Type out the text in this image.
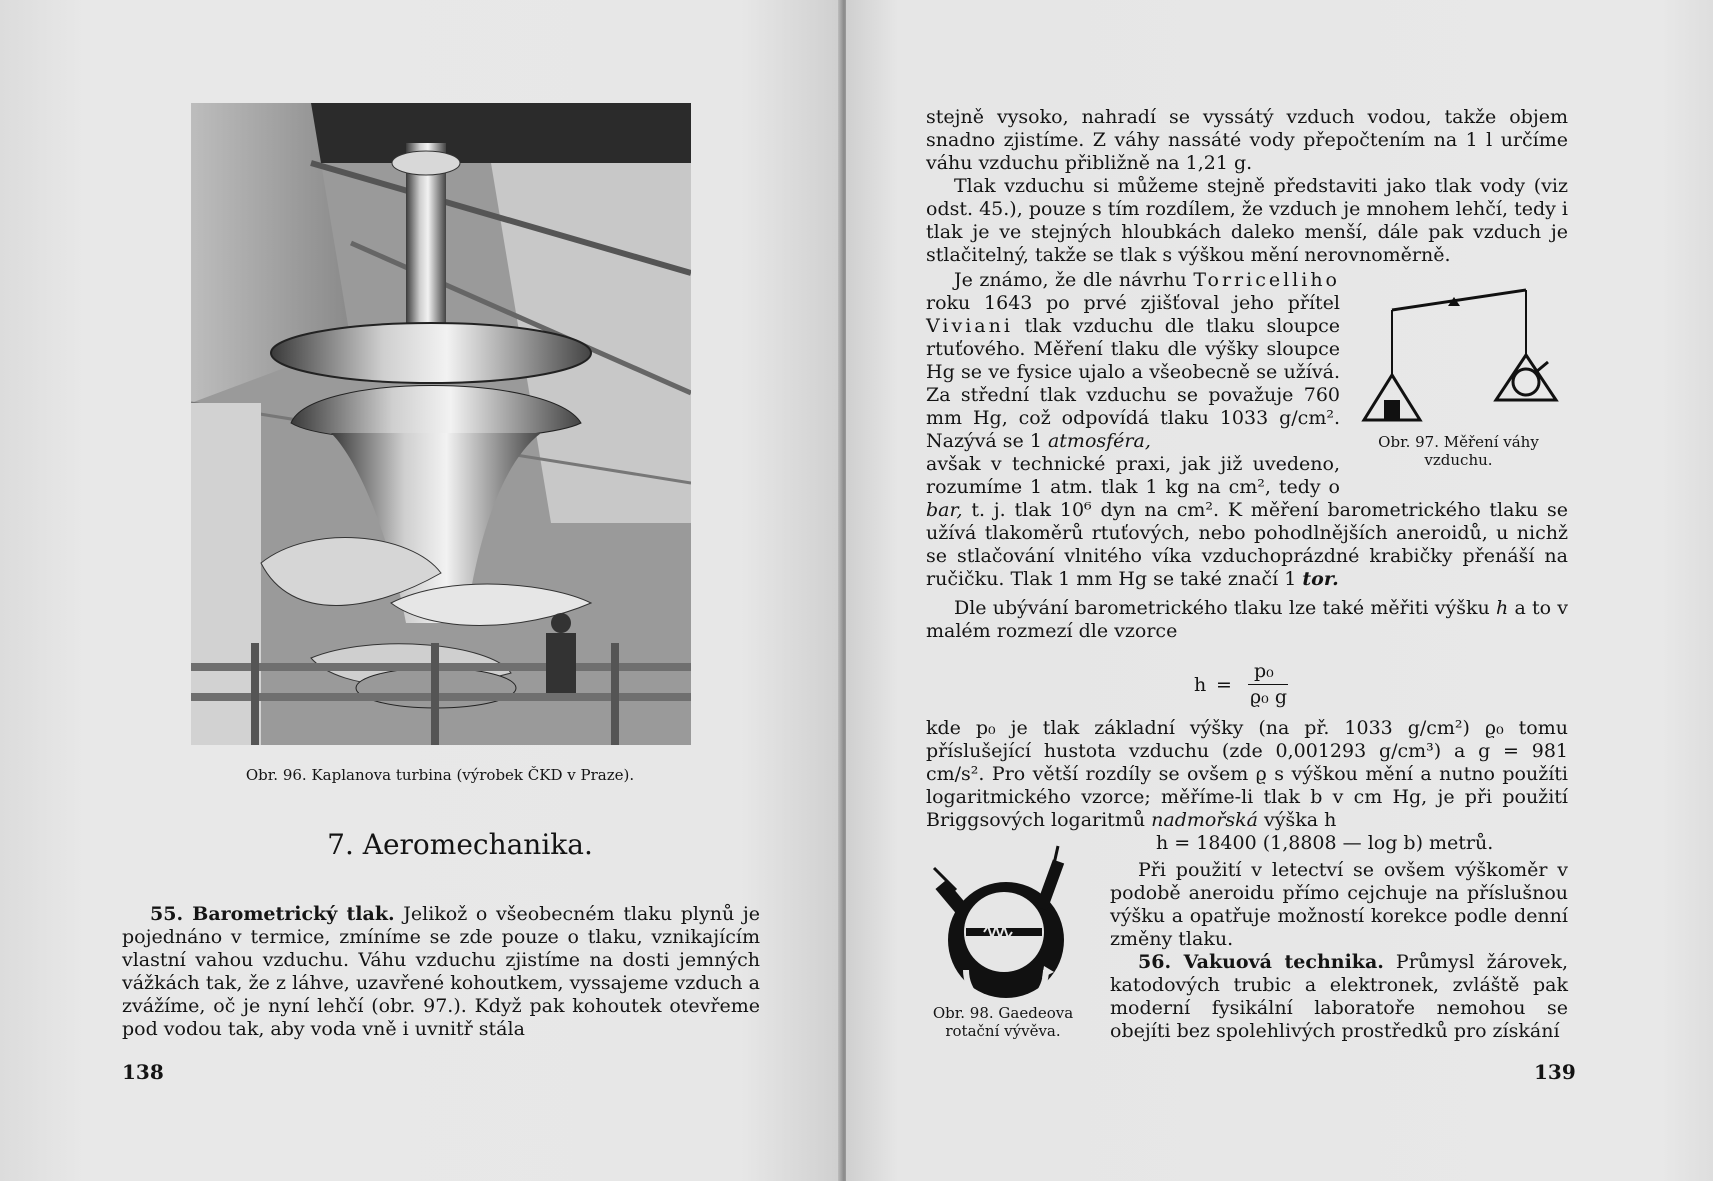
Obr. 96. Kaplanova turbina (výrobek ČKD v Praze).
7. Aeromechanika.

55. Barometrický tlak. Jelikož o všeobecném tlaku plynů je pojednáno v termice, zmíníme se zde pouze o tlaku, vznikajícím vlastní vahou vzduchu. Váhu vzduchu zjistíme na dosti jemných vážkách tak, že z láhve, uzavřené kohoutkem, vyssajeme vzduch a zvážíme, oč je nyní lehčí (obr. 97.). Když pak kohoutek otevřeme pod vodou tak, aby voda vně i uvnitř stála

138

stejně vysoko, nahradí se vyssátý vzduch vodou, takže objem snadno zjistíme. Z váhy nassáté vody přepočtením na 1 l určíme váhu vzduchu přibližně na 1,21 g.

Tlak vzduchu si můžeme stejně představiti jako tlak vody (viz odst. 45.), pouze s tím rozdílem, že vzduch je mnohem lehčí, tedy i tlak je ve stejných hloubkách daleko menší, dále pak vzduch je stlačitelný, takže se tlak s výškou mění nerovnoměrně.

Je známo, že dle návrhu Torricelliho roku 1643 po prvé zjišťoval jeho přítel Viviani tlak vzduchu dle tlaku sloupce rtuťového. Měření tlaku dle výšky sloupce Hg se ve fysice ujalo a všeobecně se užívá. Za střední tlak vzduchu se považuje 760 mm Hg, což odpovídá tlaku 1033 g/cm². Nazývá se 1 atmosféra,

avšak v technické praxi, jak již uvedeno, rozumíme 1 atm. tlak 1 kg na cm², tedy o

Obr. 97. Měření váhy vzduchu.

bar, t. j. tlak 10⁶ dyn na cm². K měření barometrického tlaku se užívá tlakoměrů rtuťových, nebo pohodlnějších aneroidů, u nichž se stlačování vlnitého víka vzduchoprázdné krabičky přenáší na ručičku. Tlak 1 mm Hg se také značí 1 tor.

Dle ubývání barometrického tlaku lze také měřiti výšku h a to v malém rozmezí dle vzorce

h =
p₀
ϱ₀ g

kde p₀ je tlak základní výšky (na př. 1033 g/cm²) ϱ₀ tomu příslušející hustota vzduchu (zde 0,001293 g/cm³) a g = 981 cm/s². Pro větší rozdíly se ovšem ϱ s výškou mění a nutno použíti logaritmického vzorce; měříme-li tlak b v cm Hg, je při použití Briggsových logaritmů nadmořská výška h

h = 18400 (1,8808 — log b) metrů.
Obr. 98. Gaedeova rotační vývěva.

Při použití v letectví se ovšem výškoměr v podobě aneroidu přímo cejchuje na příslušnou výšku a opatřuje možností korekce podle denní změny tlaku.

56. Vakuová technika. Průmysl žárovek, katodových trubic a elektronek, zvláště pak moderní fysikální laboratoře nemohou se obejíti bez spolehlivých prostředků pro získání

139
